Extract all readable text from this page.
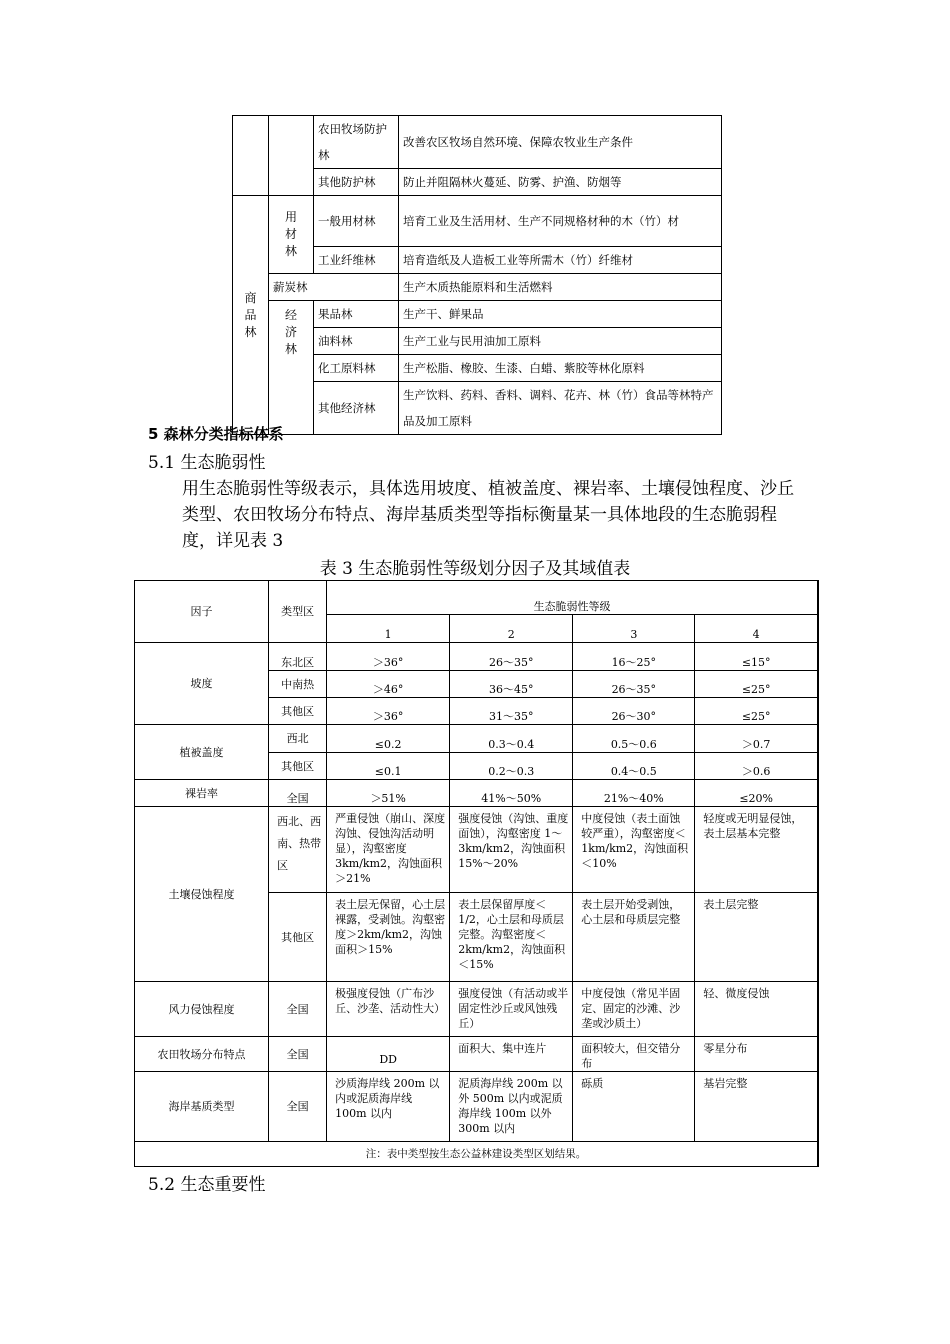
		农田牧场防护林	改善农区牧场自然环境、保障农牧业生产条件
		其他防护林	防止并阻隔林火蔓延、防雾、护渔、防烟等

商品林	用材林	一般用材林	培育工业及生活用材、生产不同规格材种的木（竹）材
		工业纤维林	培育造纸及人造板工业等所需木（竹）纤维材
	薪炭林		生产木质热能原料和生活燃料

	经济林	果品林	生产干、鲜果品
		油料林	生产工业与民用油加工原料
		化工原料林	生产松脂、橡胶、生漆、白蜡、紫胶等林化原料
		其他经济林	生产饮料、药料、香料、调料、花卉、林（竹）食品等林特产品及加工原料
5 森林分类指标体系
5.1 生态脆弱性
用生态脆弱性等级表示，具体选用坡度、植被盖度、裸岩率、土壤侵蚀程度、沙丘类型、农田牧场分布特点、海岸基质类型等指标衡量某一具体地段的生态脆弱程度，详见表 3
表 3 生态脆弱性等级划分因子及其域值表
因子	类型区	生态脆弱性等级			
		1	2	3	4
坡度	东北区	＞36°	26～35°	16～25°	≤15°
	中南热	＞46°	36～45°	26～35°	≤25°
	其他区	＞36°	31～35°	26～30°	≤25°
植被盖度	西北	≤0.2	0.3～0.4	0.5～0.6	＞0.7
	其他区	≤0.1	0.2～0.3	0.4～0.5	＞0.6
裸岩率	全国	＞51%	41%～50%	21%～40%	≤20%
土壤侵蚀程度	西北、西南、热带区	严重侵蚀（崩山、深度沟蚀、侵蚀沟活动明显），沟壑密度 3km/km2，沟蚀面积＞21%	强度侵蚀（沟蚀、重度面蚀），沟壑密度 1～3km/km2，沟蚀面积 15%～20%	中度侵蚀（表土面蚀较严重），沟壑密度＜1km/km2，沟蚀面积＜10%	轻度或无明显侵蚀，表土层基本完整

	其他区	表土层无保留，心土层裸露，受剥蚀。沟壑密度＞2km/km2，沟蚀面积＞15%	表土层保留厚度＜1/2，心土层和母质层完整。沟壑密度＜2km/km2，沟蚀面积＜15%	表土层开始受剥蚀，心土层和母质层完整	表土层完整

风力侵蚀程度	全国	极强度侵蚀（广布沙丘、沙垄、活动性大）	强度侵蚀（有活动或半固定性沙丘或风蚀残丘）	中度侵蚀（常见半固定、固定的沙滩、沙垄或沙质土）	轻、微度侵蚀

农田牧场分布特点	全国	DD	面积大、集中连片	面积较大，但交错分布	零星分布

海岸基质类型	全国	沙质海岸线 200m 以内或泥质海岸线 100m 以内	泥质海岸线 200m 以外 500m 以内或泥质海岸线 100m 以外 300m 以内	砾质	基岩完整

注：表中类型按生态公益林建设类型区划结果。					
5.2 生态重要性
